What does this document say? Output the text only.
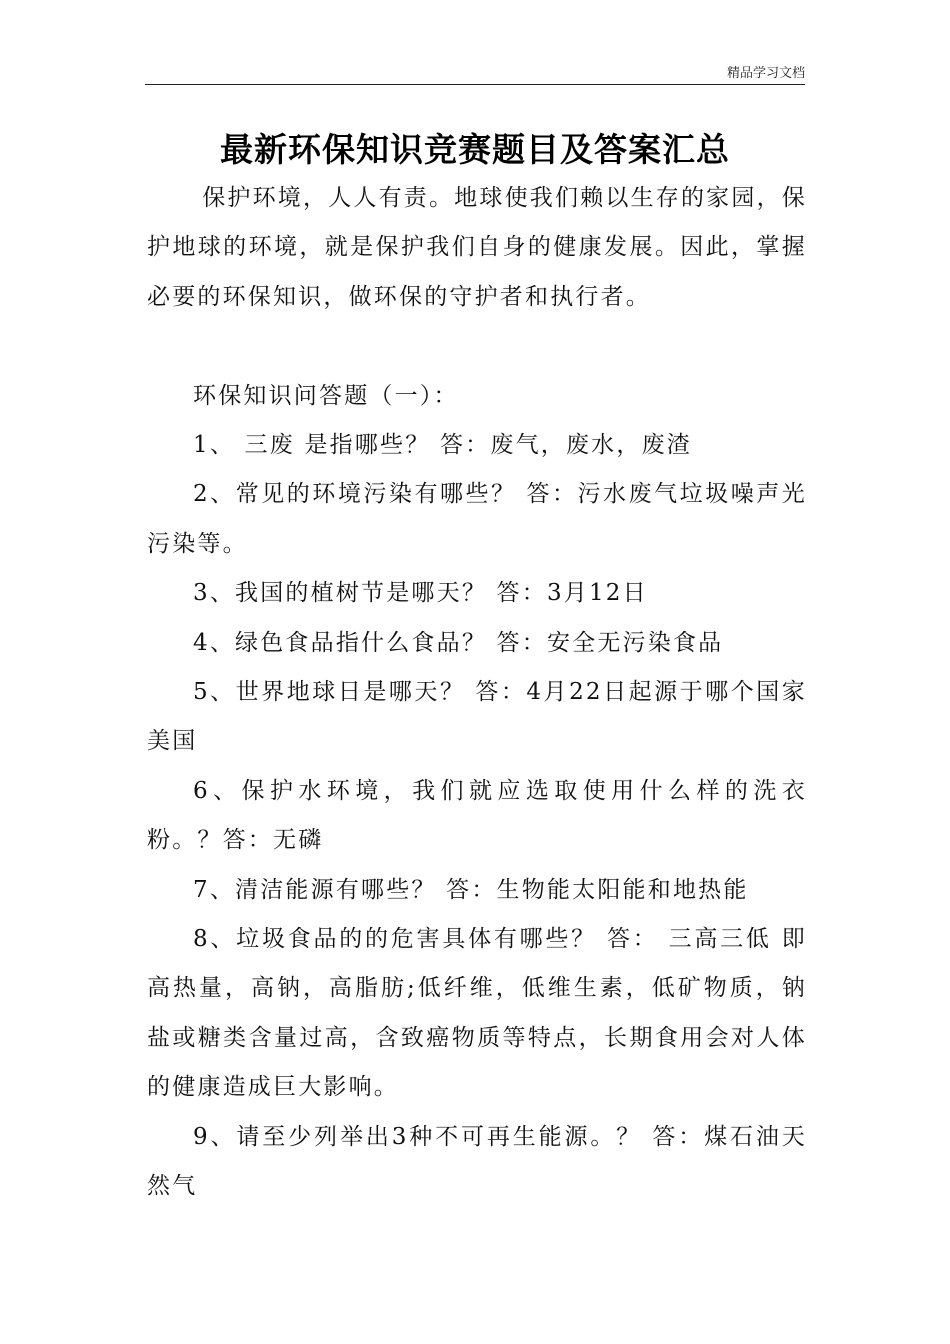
精品学习文档
最新环保知识竞赛题目及答案汇总

保护环境，人人有责。地球使我们赖以生存的家园，保护地球的环境，就是保护我们自身的健康发展。因此，掌握必要的环保知识，做环保的守护者和执行者。

环保知识问答题（一）：

1、 三废 是指哪些？ 答：废气，废水，废渣

2、常见的环境污染有哪些？ 答：污水废气垃圾噪声光污染等。

3、我国的植树节是哪天？ 答：3月12日

4、绿色食品指什么食品？ 答：安全无污染食品

5、世界地球日是哪天？ 答：4月22日起源于哪个国家美国

6、保护水环境，我们就应选取使用什么样的洗衣粉。？答：无磷

7、清洁能源有哪些？ 答：生物能太阳能和地热能

8、垃圾食品的的危害具体有哪些？ 答： 三高三低 即高热量，高钠，高脂肪;低纤维，低维生素，低矿物质，钠盐或糖类含量过高，含致癌物质等特点，长期食用会对人体的健康造成巨大影响。

9、请至少列举出3种不可再生能源。？ 答：煤石油天然气
